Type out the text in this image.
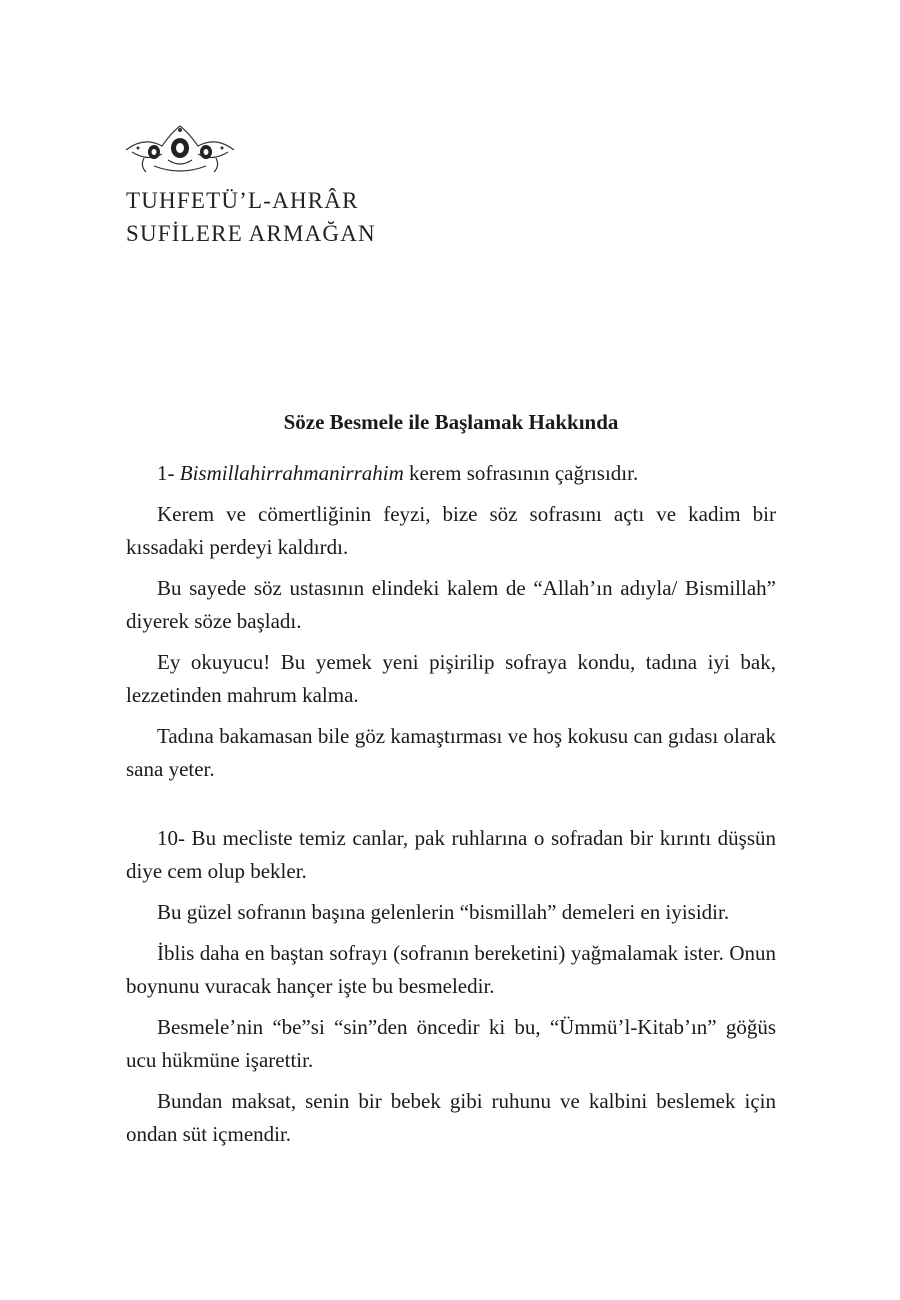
TUHFETÜ’L-AHRÂR
SUFİLERE ARMAĞAN
Söze Besmele ile Başlamak Hakkında

1- Bismillahirrahmanirrahim kerem sofrasının çağrısıdır.

Kerem ve cömertliğinin feyzi, bize söz sofrasını açtı ve kadim bir kıssadaki perdeyi kaldırdı.

Bu sayede söz ustasının elindeki kalem de “Allah’ın adıyla/ Bismillah” diyerek söze başladı.

Ey okuyucu! Bu yemek yeni pişirilip sofraya kondu, tadına iyi bak, lezzetinden mahrum kalma.

Tadına bakamasan bile göz kamaştırması ve hoş kokusu can gıdası olarak sana yeter.

10- Bu mecliste temiz canlar, pak ruhlarına o sofradan bir kırıntı düşsün diye cem olup bekler.

Bu güzel sofranın başına gelenlerin “bismillah” demeleri en iyisidir.

İblis daha en baştan sofrayı (sofranın bereketini) yağmalamak ister. Onun boynunu vuracak hançer işte bu besmeledir.

Besmele’nin “be”si “sin”den öncedir ki bu, “Ümmü’l-Kitab’ın” göğüs ucu hükmüne işarettir.

Bundan maksat, senin bir bebek gibi ruhunu ve kalbini beslemek için ondan süt içmendir.
